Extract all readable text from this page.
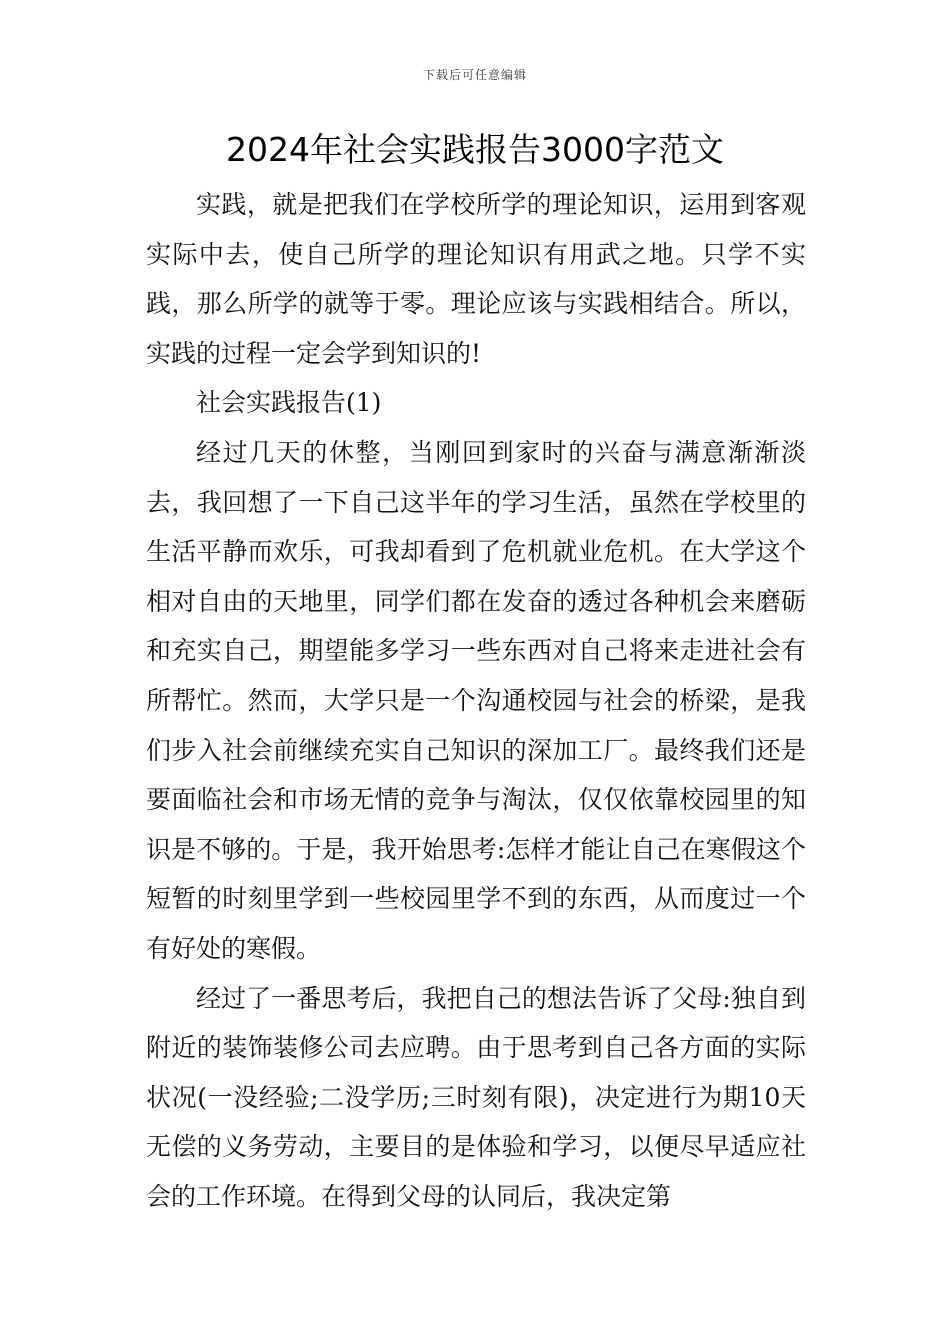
下载后可任意编辑
2024年社会实践报告3000字范文

实践，就是把我们在学校所学的理论知识，运用到客观实际中去，使自己所学的理论知识有用武之地。只学不实践，那么所学的就等于零。理论应该与实践相结合。所以，实践的过程一定会学到知识的!

社会实践报告(1)

经过几天的休整，当刚回到家时的兴奋与满意渐渐淡去，我回想了一下自己这半年的学习生活，虽然在学校里的生活平静而欢乐，可我却看到了危机就业危机。在大学这个相对自由的天地里，同学们都在发奋的透过各种机会来磨砺和充实自己，期望能多学习一些东西对自己将来走进社会有所帮忙。然而，大学只是一个沟通校园与社会的桥梁，是我们步入社会前继续充实自己知识的深加工厂。最终我们还是要面临社会和市场无情的竞争与淘汰，仅仅依靠校园里的知识是不够的。于是，我开始思考:怎样才能让自己在寒假这个短暂的时刻里学到一些校园里学不到的东西，从而度过一个有好处的寒假。

经过了一番思考后，我把自己的想法告诉了父母:独自到附近的装饰装修公司去应聘。由于思考到自己各方面的实际状况(一没经验;二没学历;三时刻有限)，决定进行为期10天无偿的义务劳动，主要目的是体验和学习，以便尽早适应社会的工作环境。在得到父母的认同后，我决定第
